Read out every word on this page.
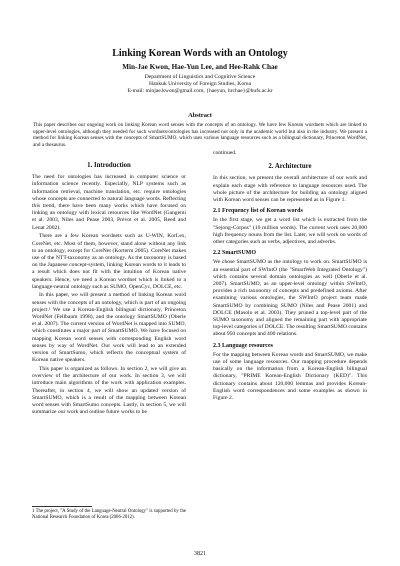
Linking Korean Words with an Ontology
Min-Jae Kwon, Hae-Yun Lee, and Hee-Rahk Chae
Department of Linguistics and Cognitive Science
Hankuk University of Foreign Studies, Korea
E-mail: minjae.kwon@gmail.com, {haeyun, hrchae}@hufs.ac.kr
Abstract
This paper describes our ongoing work on linking Korean word senses with the concepts of an ontology. We have few Korean wordnets which are linked to upper-level ontologies, although they needed for such wordnets/ontologies has increased not only in the academic world but also in the industry. We present a method for linking Korean senses with the concepts of SmartSUMO, which uses various language resources such as a bilingual dictionary, Princeton WordNet, and a thesaurus.
1. Introduction

The need for ontologies has increased in computer science or information science recently. Especially, NLP systems such as information retrieval, machine translation, etc. require ontologies whose concepts are connected to natural language words. Reflecting this trend, there have been many works which have focused on linking an ontology with lexical resources like WordNet (Gangemi et al. 2003, Niles and Pease 2003, Prévot et al. 2005, Reed and Lenat 2002).

There are a few Korean wordnets such as U-WIN, KorLex, CoreNet, etc. Most of them, however, stand alone without any link to an ontology, except for CoreNet (Korterm 2005). CoreNet makes use of the NTT-taxonomy as an ontology. As the taxonomy is based on the Japanese concept-system, linking Korean words to it leads to a result which does not fit with the intuition of Korean native speakers. Hence, we need a Korean wordnet which is linked to a language-neutral ontology such as SUMO, OpenCyc, DOLCE, etc.

In this paper, we will present a method of linking Korean word senses with the concepts of an ontology, which is part of an ongoing project.¹ We use a Korean-English bilingual dictionary, Princeton WordNet (Fellbaum 1998), and the ontology SmartSUMO (Oberle et al. 2007). The current version of WordNet is mapped into SUMO, which constitutes a major part of SmartSUMO. We have focused on mapping Korean word senses with corresponding English word senses by way of WordNet. Our work will lead to an extended version of SmartSumo, which reflects the conceptual system of Korean native speakers.

This paper is organized as follows. In section 2, we will give an overview of the architecture of our work. In section 3, we will introduce main algorithms of the work with application examples. Thereafter, in section 4, we will show an updated version of SmartSUMO, which is a result of the mapping between Korean word senses with SmartSumo concepts. Lastly, in section 5, we will summarize our work and outline future works to be

continued.

2. Architecture

In this section, we present the overall architecture of our work and explain each stage with reference to language resources used. The whole picture of the architecture for building an ontology aligned with Korean word senses can be represented as in Figure 1.

2.1 Frequency list of Korean words

In the first stage, we get a word list which is extracted from the "Sejong-Corpus" (10 million words). The current work uses 20,000 high frequency nouns from the list. Later, we will work on words of other categories such as verbs, adjectives, and adverbs.

2.2 SmartSUMO

We chose SmartSUMO as the ontology to work on. SmartSUMO is an essential part of SWIntO (the "SmartWeb Integrated Ontology") which contains several domain ontologies as well (Oberle et al. 2007). SmartSUMO, as an upper-level ontology within SWIntO, provides a rich taxonomy of concepts and predefined axioms. After examining various ontologies, the SWIntO project team made SmartSUMO by combining SUMO (Niles and Pease 2001) and DOLCE (Masolo et al. 2003). They pruned a top-level part of the SUMO taxonomy and aligned the remaining part with appropriate top-level categories of DOLCE. The resulting SmartSUMO contains about 950 concepts and 400 relations.

2.3 Language resources

For the mapping between Korean words and SmartSUMO, we make use of some language resources. Our mapping procedure depends basically on the information from a Korean-English bilingual dictionary, "PRIME Korean-English Dictionary (KED)". This dictionary contains about 120,000 lemmas and provides Korean-English word correspondences and some examples as shown in Figure 2.

1 The project, "A Study of the Language-Neutral Ontology" is supported by the National Research Foundation of Korea (2006-2012).
3821
